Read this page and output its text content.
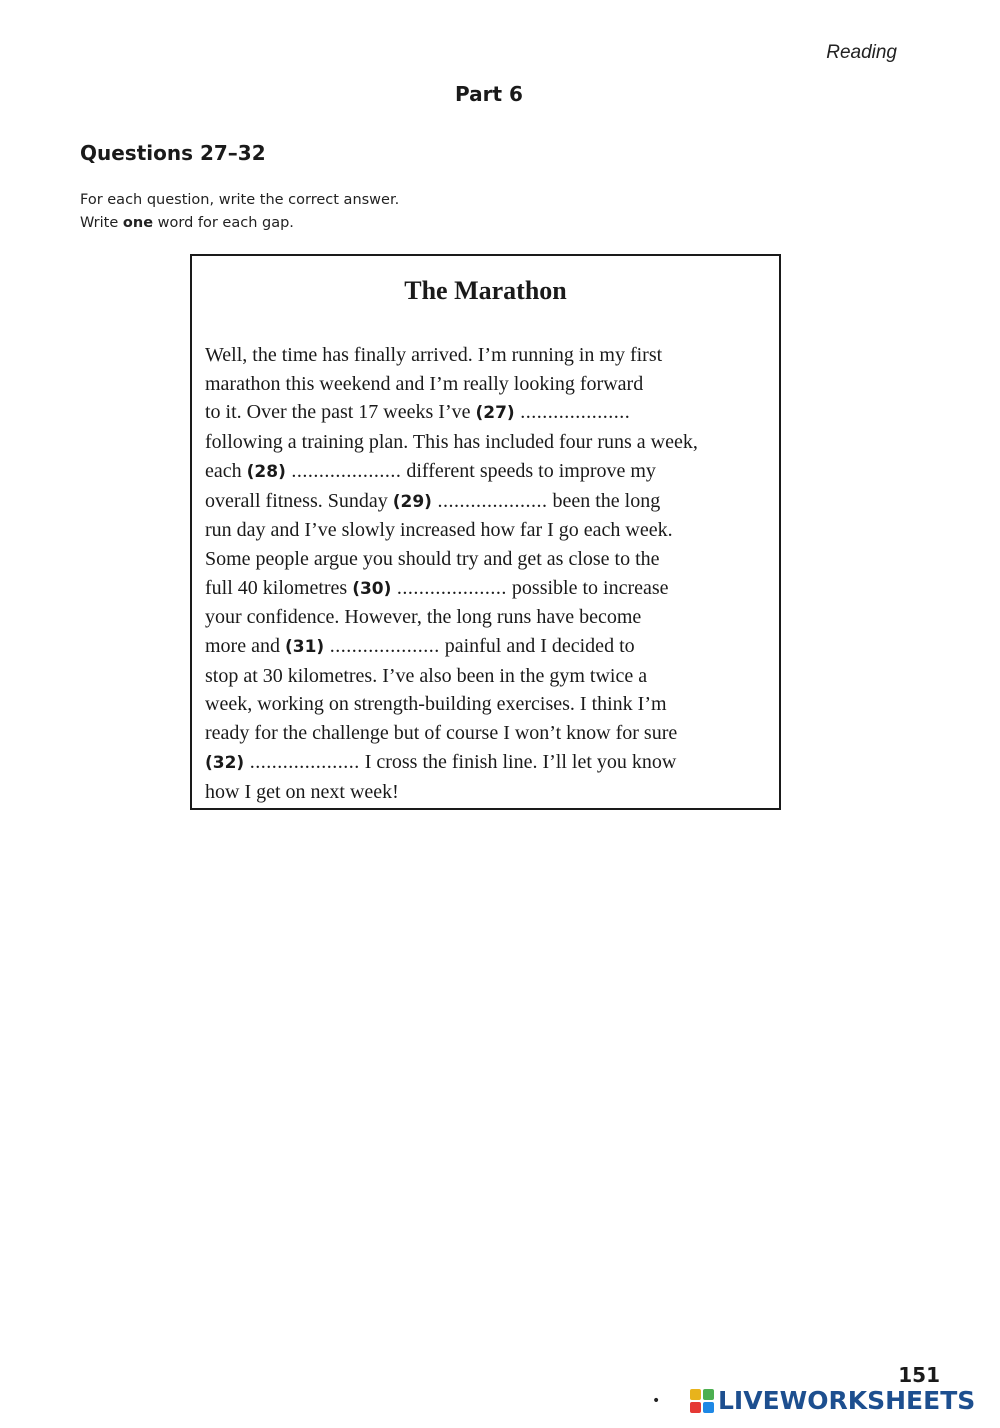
Reading
Part 6
Questions 27–32
For each question, write the correct answer.
Write one word for each gap.
The Marathon
Well, the time has finally arrived. I’m running in my first
marathon this weekend and I’m really looking forward
to it. Over the past 17 weeks I’ve (27) ....................
following a training plan. This has included four runs a week,
each (28) .................... different speeds to improve my
overall fitness. Sunday (29) .................... been the long
run day and I’ve slowly increased how far I go each week.
Some people argue you should try and get as close to the
full 40 kilometres (30) .................... possible to increase
your confidence. However, the long runs have become
more and (31) .................... painful and I decided to
stop at 30 kilometres. I’ve also been in the gym twice a
week, working on strength-building exercises. I think I’m
ready for the challenge but of course I won’t know for sure
(32) .................... I cross the finish line. I’ll let you know
how I get on next week!
151
• LIVEWORKSHEETS
